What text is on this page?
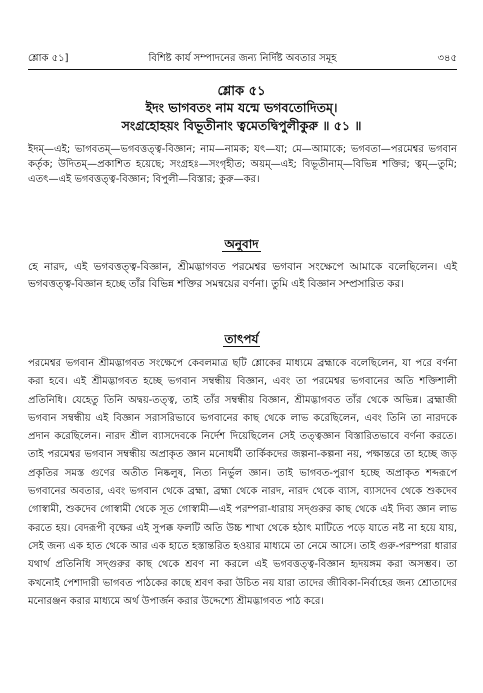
শ্লোক ৫১]	বিশিষ্ট কার্য সম্পাদনের জন্য নির্দিষ্ট অবতার সমূহ	৩৪৫
শ্লোক ৫১
ইদং ভাগবতং নাম যন্মে ভগবতোদিতম্‌।
সংগ্রহোহয়ং বিভূতীনাং ত্বমেতদ্বিপুলীকুরু ॥ ৫১ ॥

ইদম্‌—এই; ভাগবতম্‌—ভগবত্তত্ত্ব-বিজ্ঞান; নাম—নামক; যৎ—যা; মে—আমাকে; ভগবতা—পরমেশ্বর ভগবান কর্তৃক; উদিতম্‌—প্রকাশিত হয়েছে; সংগ্রহঃ—সংগৃহীত; অয়ম্‌—এই; বিভূতীনাম্‌—বিভিন্ন শক্তির; ত্বম্‌—তুমি; এতৎ—এই ভগবত্তত্ত্ব-বিজ্ঞান; বিপুলী—বিস্তার; কুরু—কর।

অনুবাদ

হে নারদ, এই ভগবত্তত্ত্ব-বিজ্ঞান, শ্রীমদ্ভাগবত পরমেশ্বর ভগবান সংক্ষেপে আমাকে বলেছিলেন। এই ভগবত্তত্ত্ব-বিজ্ঞান হচ্ছে তাঁর বিভিন্ন শক্তির সমন্বয়ের বর্ণনা। তুমি এই বিজ্ঞান সম্প্রসারিত কর।

তাৎপর্য

পরমেশ্বর ভগবান শ্রীমদ্ভাগবত সংক্ষেপে কেবলমাত্র ছটি শ্লোকের মাধ্যমে ব্রহ্মাকে বলেছিলেন, যা পরে বর্ণনা করা হবে। এই শ্রীমদ্ভাগবত হচ্ছে ভগবান সম্বন্ধীয় বিজ্ঞান, এবং তা পরমেশ্বর ভগবানের অতি শক্তিশালী প্রতিনিধি। যেহেতু তিনি অদ্বয়-তত্ত্ব, তাই তাঁর সম্বন্ধীয় বিজ্ঞান, শ্রীমদ্ভাগবত তাঁর থেকে অভিন্ন। ব্রহ্মাজী ভগবান সম্বন্ধীয় এই বিজ্ঞান সরাসরিভাবে ভগবানের কাছ থেকে লাভ করেছিলেন, এবং তিনি তা নারদকে প্রদান করেছিলেন। নারদ শ্রীল ব্যাসদেবকে নির্দেশ দিয়েছিলেন সেই তত্ত্বজ্ঞান বিস্তারিতভাবে বর্ণনা করতে। তাই পরমেশ্বর ভগবান সম্বন্ধীয় অপ্রাকৃত জ্ঞান মনোধর্মী তার্কিকদের জল্পনা-কল্পনা নয়, পক্ষান্তরে তা হচ্ছে জড় প্রকৃতির সমস্ত গুণের অতীত নিষ্কলুষ, নিত্য নির্ভুল জ্ঞান। তাই ভাগবত-পুরাণ হচ্ছে অপ্রাকৃত শব্দরূপে ভগবানের অবতার, এবং ভগবান থেকে ব্রহ্মা, ব্রহ্মা থেকে নারদ, নারদ থেকে ব্যাস, ব্যাসদেব থেকে শুকদেব গোস্বামী, শুকদেব গোস্বামী থেকে সূত গোস্বামী—এই পরম্পরা-ধারায় সদ্গুরুর কাছ থেকে এই দিব্য জ্ঞান লাভ করতে হয়। বেদরূপী বৃক্ষের এই সুপক্ক ফলটি অতি উচ্চ শাখা থেকে হঠাৎ মাটিতে পড়ে যাতে নষ্ট না হয়ে যায়, সেই জন্য এক হাত থেকে আর এক হাতে হস্তান্তরিত হওয়ার মাধ্যমে তা নেমে আসে। তাই গুরু-পরম্পরা ধারার যথার্থ প্রতিনিধি সদ্গুরুর কাছ থেকে শ্রবণ না করলে এই ভগবত্তত্ত্ব-বিজ্ঞান হৃদয়ঙ্গম করা অসম্ভব। তা কখনোই পেশাদারী ভাগবত পাঠকের কাছে শ্রবণ করা উচিত নয় যারা তাদের জীবিকা-নির্বাহের জন্য শ্রোতাদের মনোরঞ্জন করার মাধ্যমে অর্থ উপার্জন করার উদ্দেশ্যে শ্রীমদ্ভাগবত পাঠ করে।
